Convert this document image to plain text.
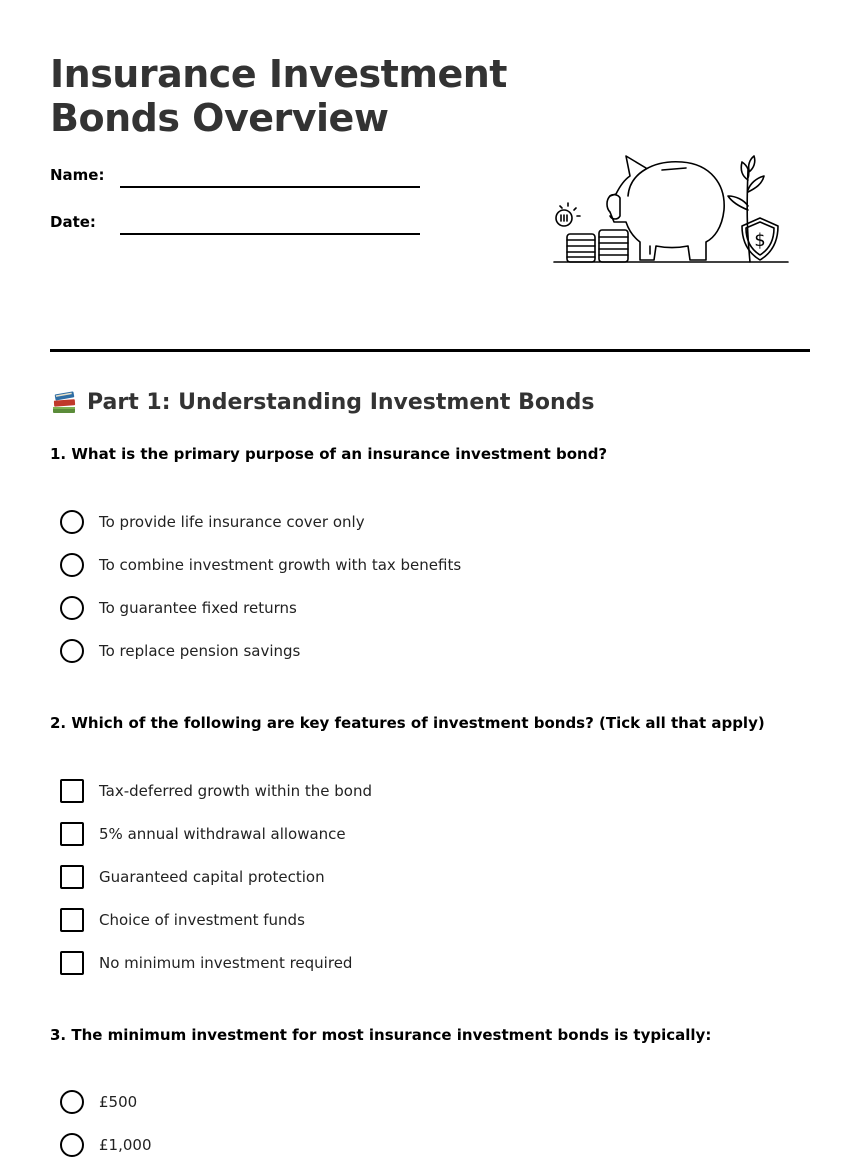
Insurance Investment
Bonds Overview
Name:
Date:
$
Part 1: Understanding Investment Bonds

1. What is the primary purpose of an insurance investment bond?

To provide life insurance cover only
To combine investment growth with tax benefits
To guarantee fixed returns
To replace pension savings

2. Which of the following are key features of investment bonds? (Tick all that apply)

Tax-deferred growth within the bond
5% annual withdrawal allowance
Guaranteed capital protection
Choice of investment funds
No minimum investment required

3. The minimum investment for most insurance investment bonds is typically:

£500
£1,000
